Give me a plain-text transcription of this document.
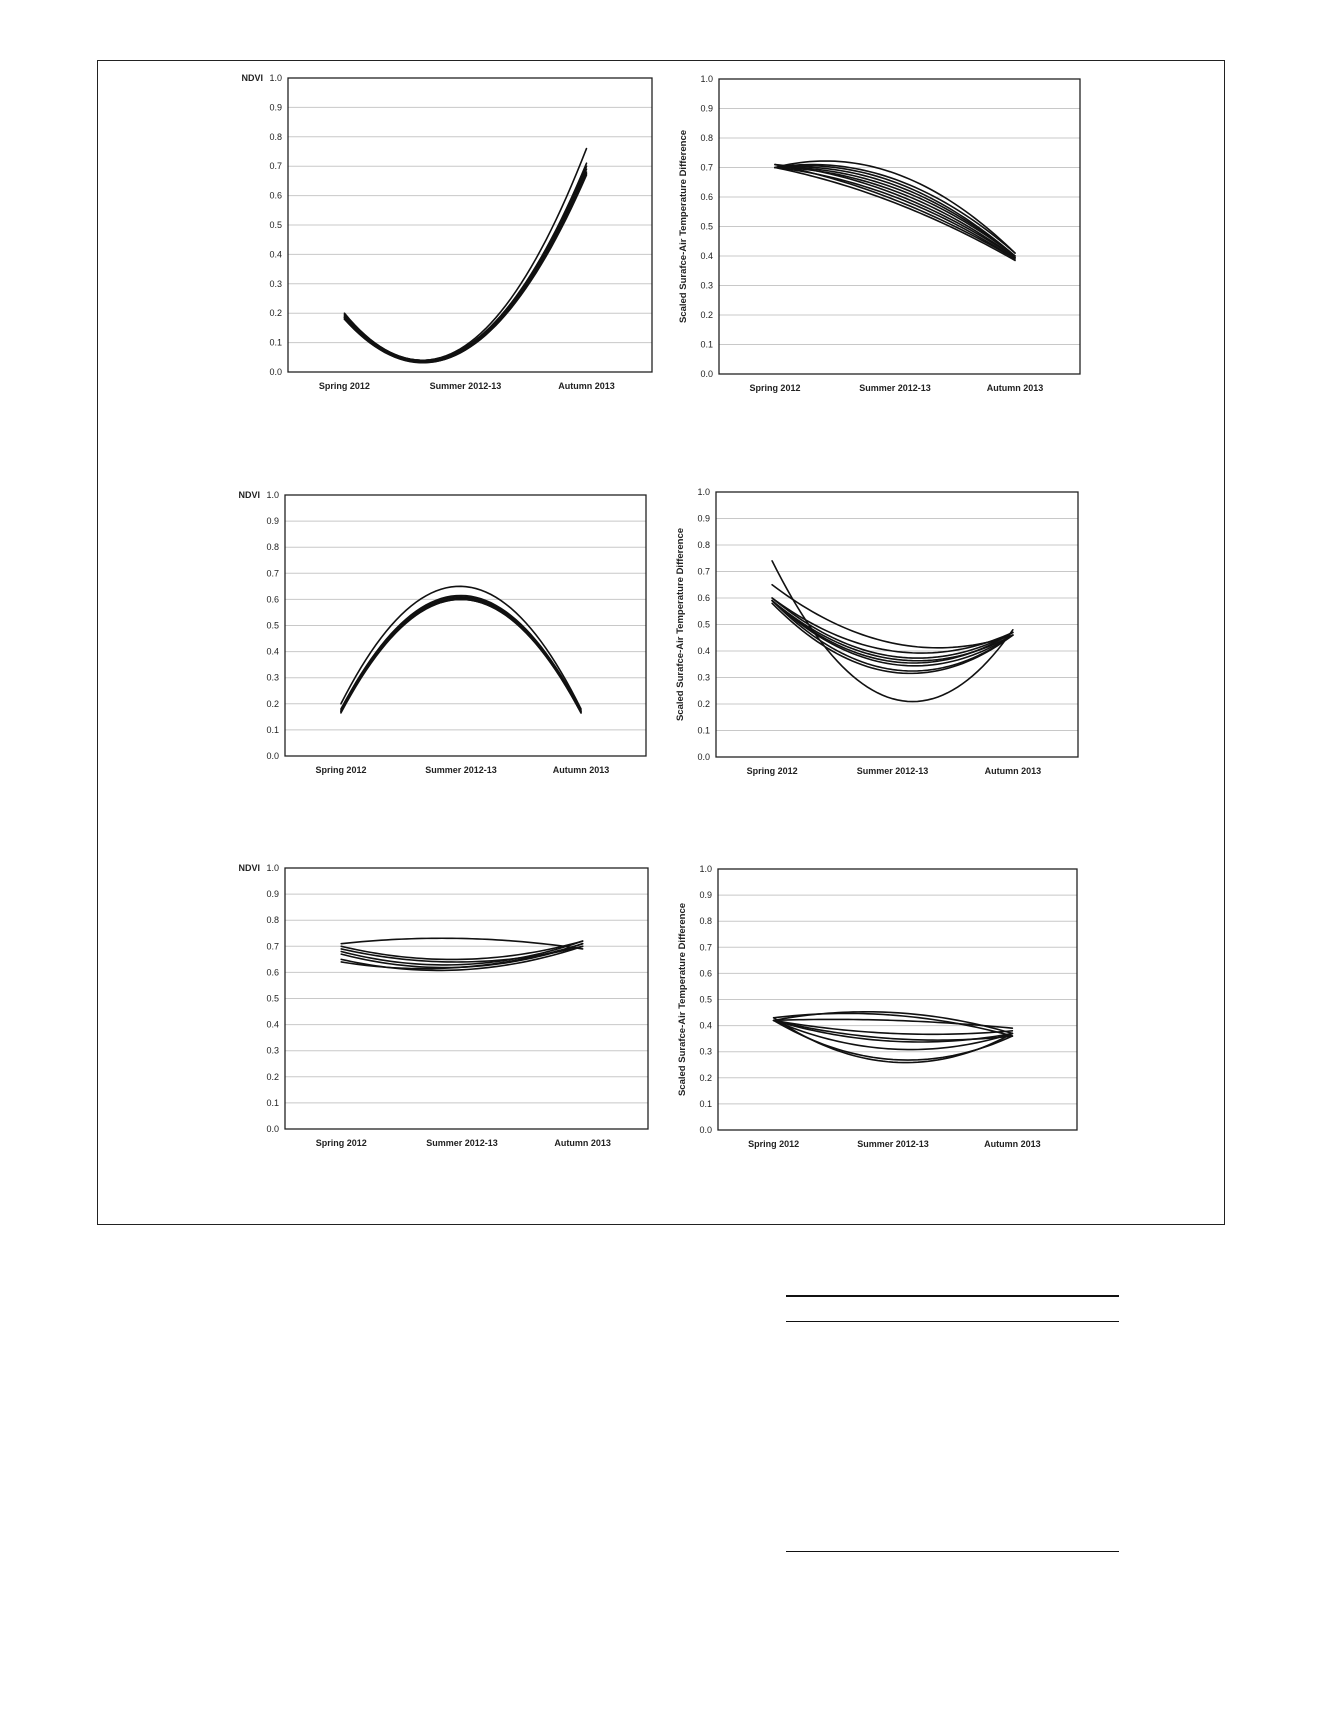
0.0
0.1
0.2
0.3
0.4
0.5
0.6
0.7
0.8
0.9
1.0
Spring 2012	Summer 2012-13	Autumn 2013
NDVI
0.0
0.1
0.2
0.3
0.4
0.5
0.6
0.7
0.8
0.9
1.0
Spring 2012	Summer 2012-13	Autumn 2013
Scaled Surafce-Air Temperature Difference
0.0
0.1
0.2
0.3
0.4
0.5
0.6
0.7
0.8
0.9
1.0
Spring 2012	Summer 2012-13	Autumn 2013
NDVI
0.0
0.1
0.2
0.3
0.4
0.5
0.6
0.7
0.8
0.9
1.0
Spring 2012	Summer 2012-13	Autumn 2013
Scaled Surafce-Air Temperature Difference
0.0
0.1
0.2
0.3
0.4
0.5
0.6
0.7
0.8
0.9
1.0
Spring 2012	Summer 2012-13	Autumn 2013
NDVI
0.0
0.1
0.2
0.3
0.4
0.5
0.6
0.7
0.8
0.9
1.0
Spring 2012	Summer 2012-13	Autumn 2013
Scaled Surafce-Air Temperature Difference
